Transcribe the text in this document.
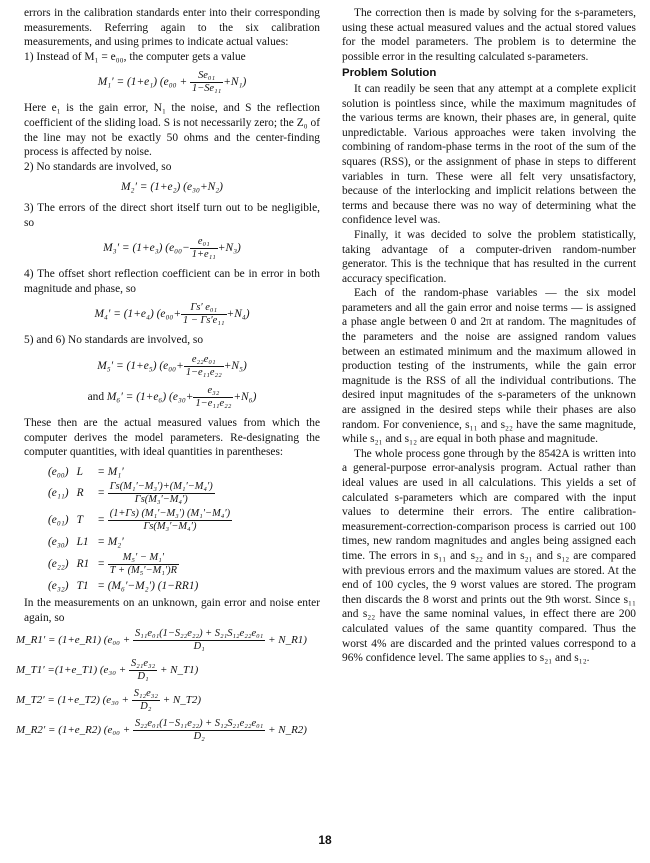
errors in the calibration standards enter into their corresponding measurements. Referring again to the six calibration measurements, and using primes to indicate actual values:

1) Instead of M₁ = e₀₀, the computer gets a value

M₁′ = (1+e₁) $(e_{00} + \frac{\text{Se₀₁}}{\text{1−Se₁₁}} +N_1)$

Here e₁ is the gain error, N₁ the noise, and S the reflection coefficient of the sliding load. S is not necessarily zero; the Z₀ of the line may not be exactly 50 ohms and the center-finding process is affected by noise.

2) No standards are involved, so

M₂′ = (1+e₂) (e₃₀+N₂)

3) The errors of the direct short itself turn out to be negligible, so

M₃′ = (1+e₃) $(e_{00}- \frac{\text{e₀₁}}{\text{1+e₁₁}} +N_3)$

4) The offset short reflection coefficient can be in error in both magnitude and phase, so

M₄′ = (1+e₄) $(e_{00}+ \frac{\text{Γs′ e₀₁}}{\text{1 − Γs′e₁₁}} +N_4)$

5) and 6) No standards are involved, so

M₅′ = (1+e₅) $(e_{00}+ \frac{\text{e₂₂e₀₁}}{\text{1−e₁₁e₂₂}} +N_5)$
and M₆′ = (1+e₆) $(e_{30}+ \frac{\text{e₃₂}}{\text{1−e₁₁e₂₂}} +N_6)$

These then are the actual measured values from which the computer derives the model parameters. Re-designating the computer quantities, with ideal quantities in parentheses:

(e₀₀)	L	= M₁′
(e₁₁)	R	= $\frac{\text{Γs(M₁′−M₃′)+(M₁′−M₄′)}}{\text{Γs(M₃′−M₄′)}}$

(e₀₁)	T	= $\frac{\text{(1+Γs) (M₁′−M₃′) (M₁′−M₄′)}}{\text{Γs(M₃′−M₄′)}}$

(e₃₀)	L1	= M₂′
(e₂₂)	R1	= $\frac{\text{M₅′ − M₁′}}{\text{T + (M₅′−M₁′)R}}$

(e₃₂)	T1	= (M₆′−M₂′) (1−RR1)

In the measurements on an unknown, gain error and noise enter again, so

M_R1′ = (1+e_R1) ($e_{00} + \frac{\text{S₁₁e₀₁(1−S₂₂e₂₂) + S₂₁S₁₂e₂₂e₀₁}}{\text{D₁}}$ + N_R1)
M_T1′ =(1+e_T1) ($e_{30} + \frac{\text{S₂₁e₃₂}}{\text{D₁}}$ + N_T1)
M_T2′ = (1+e_T2) ($e_{30} + \frac{\text{S₁₂e₃₂}}{\text{D₂}}$ + N_T2)
M_R2′ = (1+e_R2) ($e_{00} + \frac{\text{S₂₂e₀₁(1−S₁₁e₂₂) + S₁₂S₂₁e₂₂e₀₁}}{\text{D₂}}$ + N_R2)

The correction then is made by solving for the s-parameters, using these actual measured values and the actual stored values for the model parameters. The problem is to determine the possible error in the resulting calculated s-parameters.

Problem Solution

It can readily be seen that any attempt at a complete explicit solution is pointless since, while the maximum magnitudes of the various terms are known, their phases are, in general, quite unpredictable. Various approaches were taken involving the combining of random-phase terms in the root of the sum of the squares (RSS), or the assignment of phase in steps to different variables in turn. These were all felt very unsatisfactory, because of the interlocking and implicit relations between the terms and because there was no way of determining what the confidence level was.

Finally, it was decided to solve the problem statistically, taking advantage of a computer-driven random-number generator. This is the technique that has resulted in the current accuracy specification.

Each of the random-phase variables — the six model parameters and all the gain error and noise terms — is assigned a phase angle between 0 and 2π at random. The magnitudes of the parameters and the noise are assigned random values between an estimated minimum and the maximum allowed in production testing of the instruments, while the gain error magnitude is the RSS of all the individual contributions. The desired input magnitudes of the s-parameters of the unknown are assigned in the desired steps while their phases are also random. For convenience, s₁₁ and s₂₂ have the same magnitude, while s₂₁ and s₁₂ are equal in both phase and magnitude.

The whole process gone through by the 8542A is written into a general-purpose error-analysis program. Actual rather than ideal values are used in all calculations. This yields a set of calculated s-parameters which are compared with the input values to determine their errors. The entire calibration-measurement-correction-comparison process is carried out 100 times, new random magnitudes and angles being assigned each time. The errors in s₁₁ and s₂₂ and in s₂₁ and s₁₂ are compared with previous errors and the maximum values are stored. At the end of 100 cycles, the 9 worst values are stored. The program then discards the 8 worst and prints out the 9th worst. Since s₁₁ and s₂₂ have the same nominal values, in effect there are 200 calculated values of the same quantity compared. Thus the worst 4% are discarded and the printed values correspond to a 96% confidence level. The same applies to s₂₁ and s₁₂.

18
